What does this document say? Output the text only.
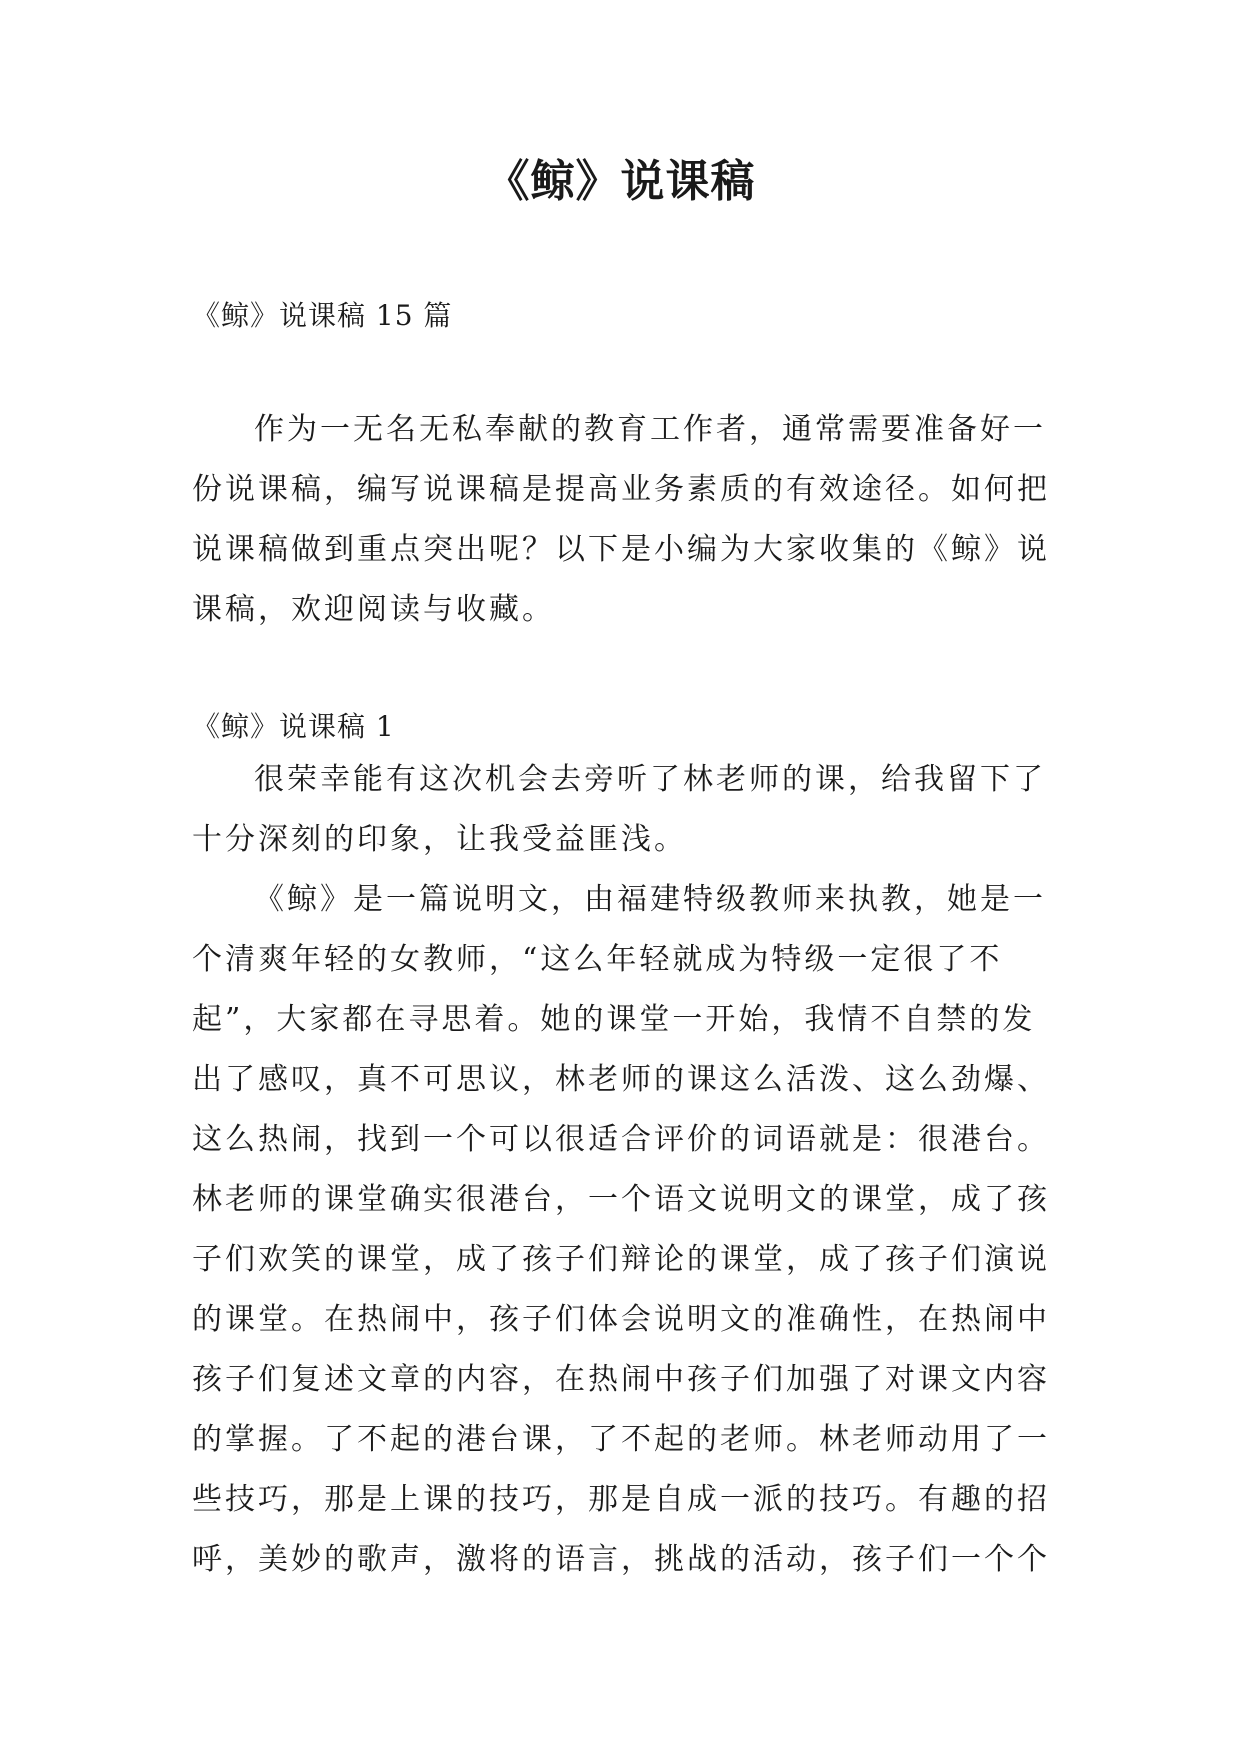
《鲸》说课稿

《鲸》说课稿 15 篇

作为一无名无私奉献的教育工作者，通常需要准备好一

份说课稿，编写说课稿是提高业务素质的有效途径。如何把

说课稿做到重点突出呢？以下是小编为大家收集的《鲸》说

课稿，欢迎阅读与收藏。

《鲸》说课稿 1

很荣幸能有这次机会去旁听了林老师的课，给我留下了

十分深刻的印象，让我受益匪浅。

《鲸》是一篇说明文，由福建特级教师来执教，她是一

个清爽年轻的女教师，“这么年轻就成为特级一定很了不

起”，大家都在寻思着。她的课堂一开始，我情不自禁的发

出了感叹，真不可思议，林老师的课这么活泼、这么劲爆、

这么热闹，找到一个可以很适合评价的词语就是：很港台。

林老师的课堂确实很港台，一个语文说明文的课堂，成了孩

子们欢笑的课堂，成了孩子们辩论的课堂，成了孩子们演说

的课堂。在热闹中，孩子们体会说明文的准确性，在热闹中

孩子们复述文章的内容，在热闹中孩子们加强了对课文内容

的掌握。了不起的港台课，了不起的老师。林老师动用了一

些技巧，那是上课的技巧，那是自成一派的技巧。有趣的招

呼，美妙的歌声，激将的语言，挑战的活动，孩子们一个个
